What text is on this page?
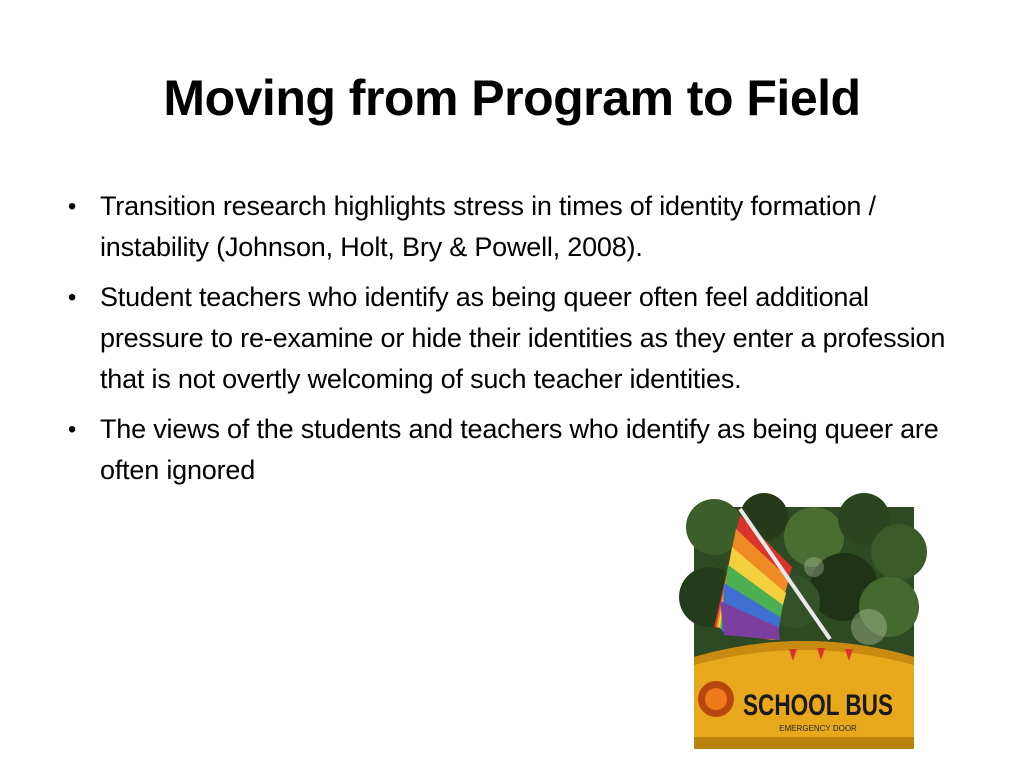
Moving from Program to Field
• Transition research highlights stress in times of identity formation / instability (Johnson, Holt, Bry & Powell, 2008).
• Student teachers who identify as being queer often feel additional pressure to re-examine or hide their identities as they enter a profession that is not overtly welcoming of such teacher identities.
• The views of the students and teachers who identify as being queer are often ignored
SCHOOL BUS
EMERGENCY DOOR
